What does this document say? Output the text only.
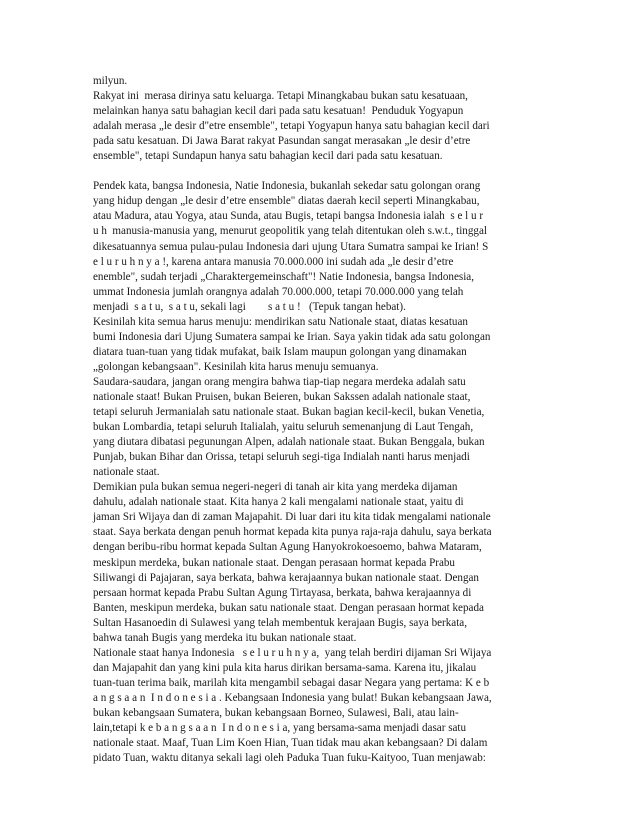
milyun.
Rakyat ini  merasa dirinya satu keluarga. Tetapi Minangkabau bukan satu kesatuaan,
melainkan hanya satu bahagian kecil dari pada satu kesatuan!  Penduduk Yogyapun
adalah merasa „le desir d"etre ensemble", tetapi Yogyapun hanya satu bahagian kecil dari
pada satu kesatuan. Di Jawa Barat rakyat Pasundan sangat merasakan „le desir d’etre
ensemble", tetapi Sundapun hanya satu bahagian kecil dari pada satu kesatuan.
Pendek kata, bangsa Indonesia, Natie Indonesia, bukanlah sekedar satu golongan orang
yang hidup dengan „le desir d’etre ensemble" diatas daerah kecil seperti Minangkabau,
atau Madura, atau Yogya, atau Sunda, atau Bugis, tetapi bangsa Indonesia ialah  s e l u r
u h  manusia-manusia yang, menurut geopolitik yang telah ditentukan oleh s.w.t., tinggal
dikesatuannya semua pulau-pulau Indonesia dari ujung Utara Sumatra sampai ke Irian! S
e l u r u h n y a !, karena antara manusia 70.000.000 ini sudah ada „le desir d’etre
enemble", sudah terjadi „Charaktergemeinschaft"! Natie Indonesia, bangsa Indonesia,
ummat Indonesia jumlah orangnya adalah 70.000.000, tetapi 70.000.000 yang telah
menjadi  s a t u,  s a t u, sekali lagi        s a t u !   (Tepuk tangan hebat).
Kesinilah kita semua harus menuju: mendirikan satu Nationale staat, diatas kesatuan
bumi Indonesia dari Ujung Sumatera sampai ke Irian. Saya yakin tidak ada satu golongan
diatara tuan-tuan yang tidak mufakat, baik Islam maupun golongan yang dinamakan
„golongan kebangsaan". Kesinilah kita harus menuju semuanya.
Saudara-saudara, jangan orang mengira bahwa tiap-tiap negara merdeka adalah satu
nationale staat! Bukan Pruisen, bukan Beieren, bukan Sakssen adalah nationale staat,
tetapi seluruh Jermanialah satu nationale staat. Bukan bagian kecil-kecil, bukan Venetia,
bukan Lombardia, tetapi seluruh Italialah, yaitu seluruh semenanjung di Laut Tengah,
yang diutara dibatasi pegunungan Alpen, adalah nationale staat. Bukan Benggala, bukan
Punjab, bukan Bihar dan Orissa, tetapi seluruh segi-tiga Indialah nanti harus menjadi
nationale staat.
Demikian pula bukan semua negeri-negeri di tanah air kita yang merdeka dijaman
dahulu, adalah nationale staat. Kita hanya 2 kali mengalami nationale staat, yaitu di
jaman Sri Wijaya dan di zaman Majapahit. Di luar dari itu kita tidak mengalami nationale
staat. Saya berkata dengan penuh hormat kepada kita punya raja-raja dahulu, saya berkata
dengan beribu-ribu hormat kepada Sultan Agung Hanyokrokoesoemo, bahwa Mataram,
meskipun merdeka, bukan nationale staat. Dengan perasaan hormat kepada Prabu
Siliwangi di Pajajaran, saya berkata, bahwa kerajaannya bukan nationale staat. Dengan
persaan hormat kepada Prabu Sultan Agung Tirtayasa, berkata, bahwa kerajaannya di
Banten, meskipun merdeka, bukan satu nationale staat. Dengan perasaan hormat kepada
Sultan Hasanoedin di Sulawesi yang telah membentuk kerajaan Bugis, saya berkata,
bahwa tanah Bugis yang merdeka itu bukan nationale staat.
Nationale staat hanya Indonesia   s e l u r u h n y a,  yang telah berdiri dijaman Sri Wijaya
dan Majapahit dan yang kini pula kita harus dirikan bersama-sama. Karena itu, jikalau
tuan-tuan terima baik, marilah kita mengambil sebagai dasar Negara yang pertama: K e b
a n g s a a n  I n d o n e s i a . Kebangsaan Indonesia yang bulat! Bukan kebangsaan Jawa,
bukan kebangsaan Sumatera, bukan kebangsaan Borneo, Sulawesi, Bali, atau lain-
lain,tetapi k e b a n g s a a n  I n d o n e s i a, yang bersama-sama menjadi dasar satu
nationale staat. Maaf, Tuan Lim Koen Hian, Tuan tidak mau akan kebangsaan? Di dalam
pidato Tuan, waktu ditanya sekali lagi oleh Paduka Tuan fuku-Kaityoo, Tuan menjawab:
